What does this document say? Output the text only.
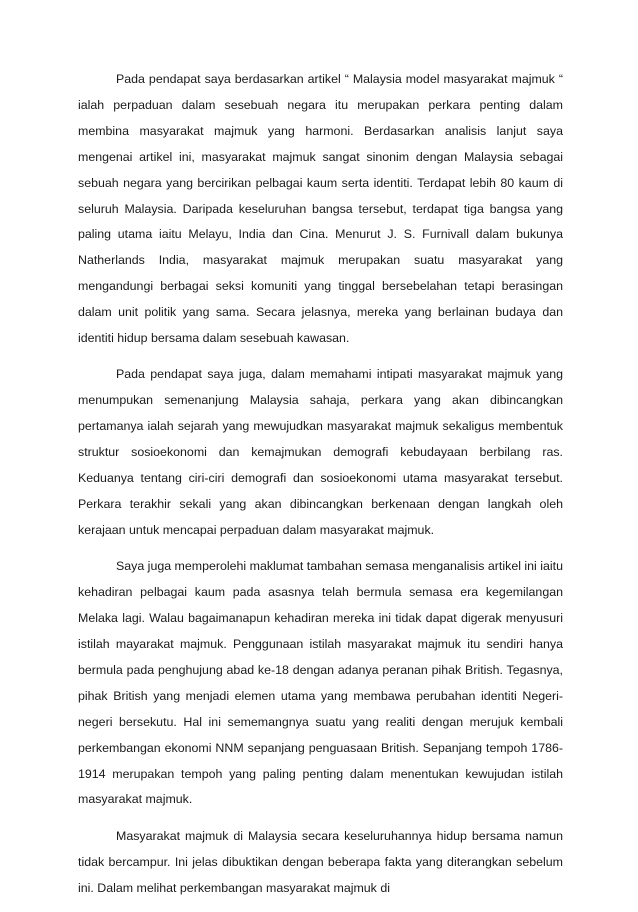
Pada pendapat saya berdasarkan artikel “ Malaysia model masyarakat majmuk “ ialah perpaduan dalam sesebuah negara itu merupakan perkara penting dalam membina masyarakat majmuk yang harmoni. Berdasarkan analisis lanjut saya mengenai artikel ini, masyarakat majmuk sangat sinonim dengan Malaysia sebagai sebuah negara yang bercirikan pelbagai kaum serta identiti. Terdapat lebih 80 kaum di seluruh Malaysia. Daripada keseluruhan bangsa tersebut, terdapat tiga bangsa yang paling utama iaitu Melayu, India dan Cina. Menurut J. S. Furnivall dalam bukunya Natherlands India, masyarakat majmuk merupakan suatu masyarakat yang mengandungi berbagai seksi komuniti yang tinggal bersebelahan tetapi berasingan dalam unit politik yang sama. Secara jelasnya, mereka yang berlainan budaya dan identiti hidup bersama dalam sesebuah kawasan.

Pada pendapat saya juga, dalam memahami intipati masyarakat majmuk yang menumpukan semenanjung Malaysia sahaja, perkara yang akan dibincangkan pertamanya ialah sejarah yang mewujudkan masyarakat majmuk sekaligus membentuk struktur sosioekonomi dan kemajmukan demografi kebudayaan berbilang ras. Keduanya tentang ciri-ciri demografi dan sosioekonomi utama masyarakat tersebut. Perkara terakhir sekali yang akan dibincangkan berkenaan dengan langkah oleh kerajaan untuk mencapai perpaduan dalam masyarakat majmuk.

Saya juga memperolehi maklumat tambahan semasa menganalisis artikel ini iaitu kehadiran pelbagai kaum pada asasnya telah bermula semasa era kegemilangan Melaka lagi. Walau bagaimanapun kehadiran mereka ini tidak dapat digerak menyusuri istilah mayarakat majmuk. Penggunaan istilah masyarakat majmuk itu sendiri hanya bermula pada penghujung abad ke-18 dengan adanya peranan pihak British. Tegasnya, pihak British yang menjadi elemen utama yang membawa perubahan identiti Negeri-negeri bersekutu. Hal ini sememangnya suatu yang realiti dengan merujuk kembali perkembangan ekonomi NNM sepanjang penguasaan British. Sepanjang tempoh 1786-1914 merupakan tempoh yang paling penting dalam menentukan kewujudan istilah masyarakat majmuk.

Masyarakat majmuk di Malaysia secara keseluruhannya hidup bersama namun tidak bercampur. Ini jelas dibuktikan dengan beberapa fakta yang diterangkan sebelum ini. Dalam melihat perkembangan masyarakat majmuk di
